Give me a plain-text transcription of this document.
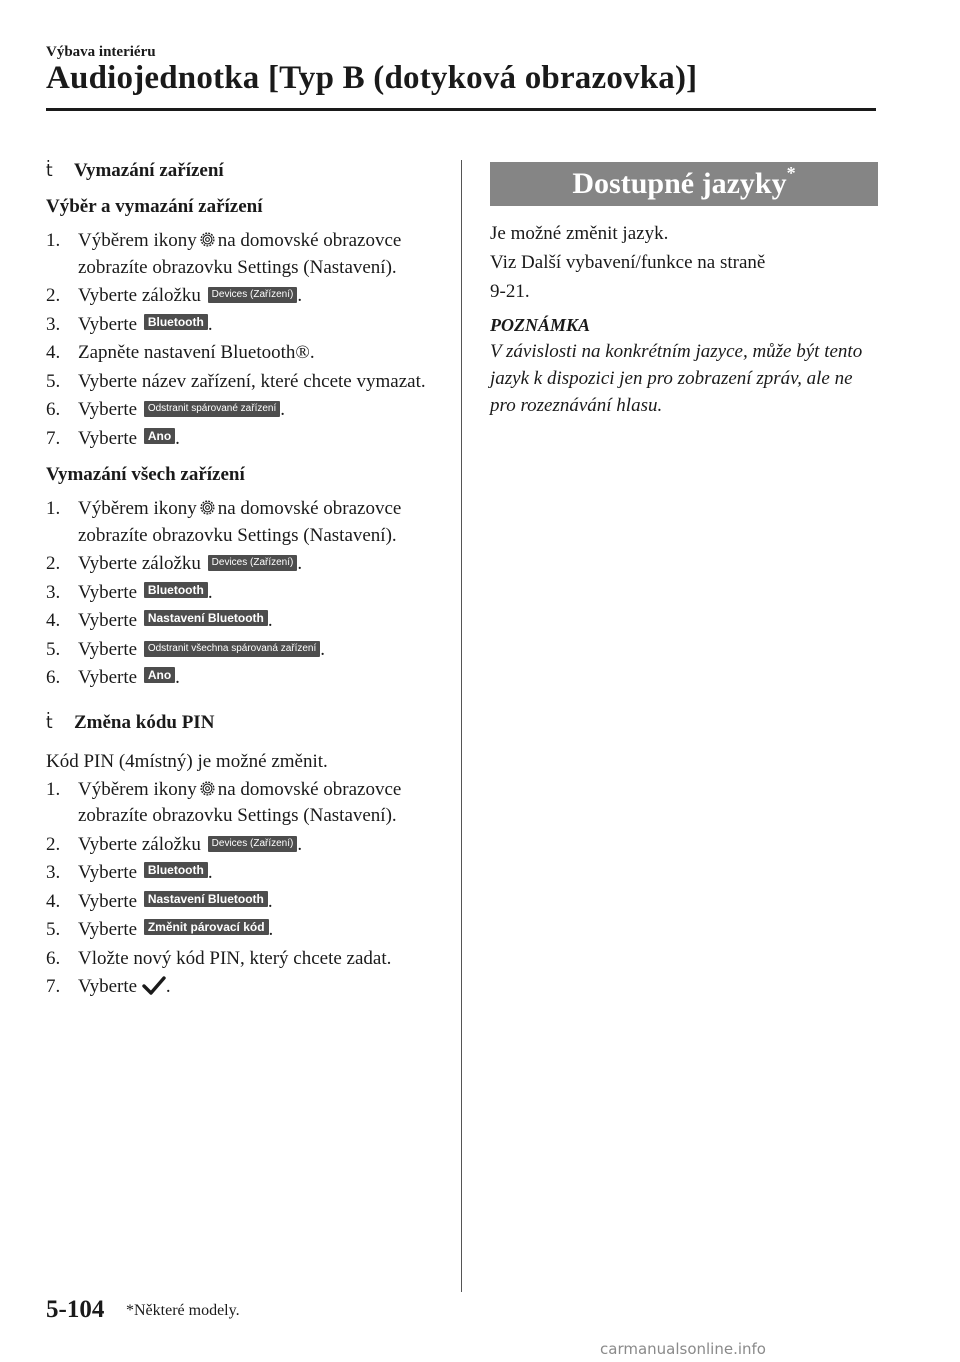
Výbava interiéru
Audiojednotka [Typ B (dotyková obrazovka)]
ṫ	Vymazání zařízení
Výběr a vymazání zařízení
1. Výběrem ikony na domovské obrazovce zobrazíte obrazovku Settings (Nastavení).
2. Vyberte záložku Devices (Zařízení) .
3. Vyberte Bluetooth .
4. Zapněte nastavení Bluetooth®.
5. Vyberte název zařízení, které chcete vymazat.
6. Vyberte Odstranit spárované zařízení .
7. Vyberte Ano .
Vymazání všech zařízení
1. Výběrem ikony na domovské obrazovce zobrazíte obrazovku Settings (Nastavení).
2. Vyberte záložku Devices (Zařízení) .
3. Vyberte Bluetooth .
4. Vyberte Nastavení Bluetooth .
5. Vyberte Odstranit všechna spárovaná zařízení .
6. Vyberte Ano .
ṫ	Změna kódu PIN
Kód PIN (4místný) je možné změnit.
1. Výběrem ikony na domovské obrazovce zobrazíte obrazovku Settings (Nastavení).
2. Vyberte záložku Devices (Zařízení) .
3. Vyberte Bluetooth .
4. Vyberte Nastavení Bluetooth .
5. Vyberte Změnit párovací kód .
6. Vložte nový kód PIN, který chcete zadat.
7. Vyberte .
Dostupné jazyky*
Je možné změnit jazyk.
Viz Další vybavení/funkce na straně
9-21.
POZNÁMKA
V závislosti na konkrétním jazyce, může být tento jazyk k dispozici jen pro zobrazení zpráv, ale ne pro rozeznávání hlasu.
5-104 *Některé modely.
carmanualsonline.info
